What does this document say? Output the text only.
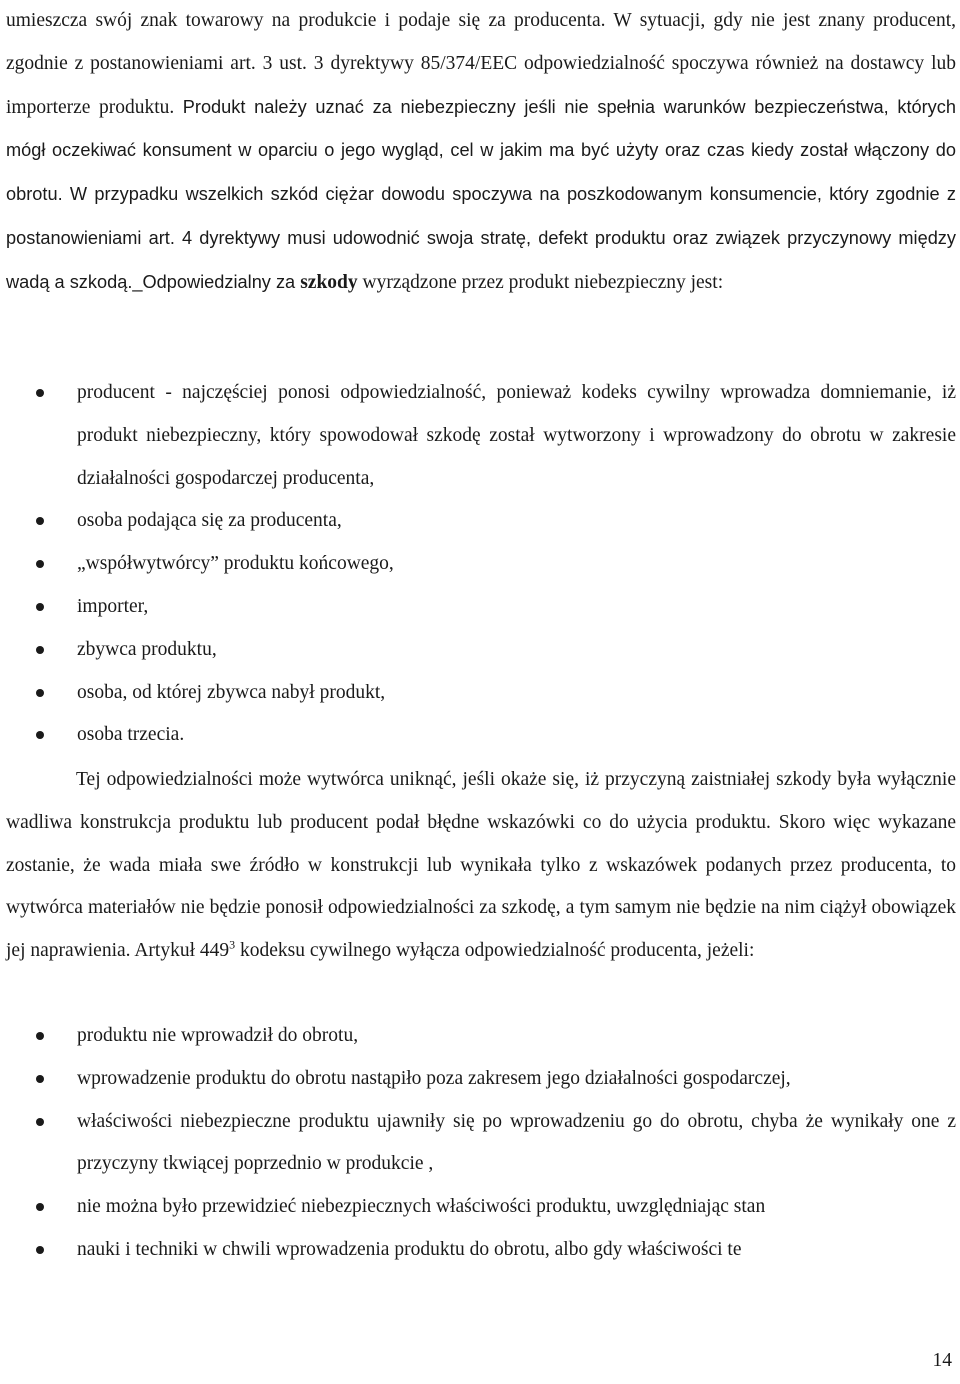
umieszcza swój znak towarowy na produkcie i podaje się za producenta. W sytuacji, gdy nie jest znany producent, zgodnie z postanowieniami art. 3 ust. 3 dyrektywy 85/374/EEC odpowiedzialność spoczywa również na dostawcy lub importerze produktu. Produkt należy uznać za niebezpieczny jeśli nie spełnia warunków bezpieczeństwa, których mógł oczekiwać konsument w oparciu o jego wygląd, cel w jakim ma być użyty oraz czas kiedy został włączony do obrotu. W przypadku wszelkich szkód ciężar dowodu spoczywa na poszkodowanym konsumencie, który zgodnie z postanowieniami art. 4 dyrektywy musi udowodnić swoja stratę, defekt produktu oraz związek przyczynowy między wadą a szkodą._Odpowiedzialny za szkody wyrządzone przez produkt niebezpieczny jest:

producent - najczęściej ponosi odpowiedzialność, ponieważ kodeks cywilny wprowadza domniemanie, iż produkt niebezpieczny, który spowodował szkodę został wytworzony i wprowadzony do obrotu w zakresie działalności gospodarczej producenta,
osoba podająca się za producenta,
„współwytwórcy” produktu końcowego,
importer,
zbywca produktu,
osoba, od której zbywca nabył produkt,
osoba trzecia.

Tej odpowiedzialności może wytwórca uniknąć, jeśli okaże się, iż przyczyną zaistniałej szkody była wyłącznie wadliwa konstrukcja produktu lub producent podał błędne wskazówki co do użycia produktu. Skoro więc wykazane zostanie, że wada miała swe źródło w konstrukcji lub wynikała tylko z wskazówek podanych przez producenta, to wytwórca materiałów nie będzie ponosił odpowiedzialności za szkodę, a tym samym nie będzie na nim ciążył obowiązek jej naprawienia. Artykuł $449^3$ kodeksu cywilnego wyłącza odpowiedzialność producenta, jeżeli:

produktu nie wprowadził do obrotu,
wprowadzenie produktu do obrotu nastąpiło poza zakresem jego działalności gospodarczej,
właściwości niebezpieczne produktu ujawniły się po wprowadzeniu go do obrotu, chyba że wynikały one z przyczyny tkwiącej poprzednio w produkcie ,
nie można było przewidzieć niebezpiecznych właściwości produktu, uwzględniając stan
nauki i techniki w chwili wprowadzenia produktu do obrotu, albo gdy właściwości te
14
